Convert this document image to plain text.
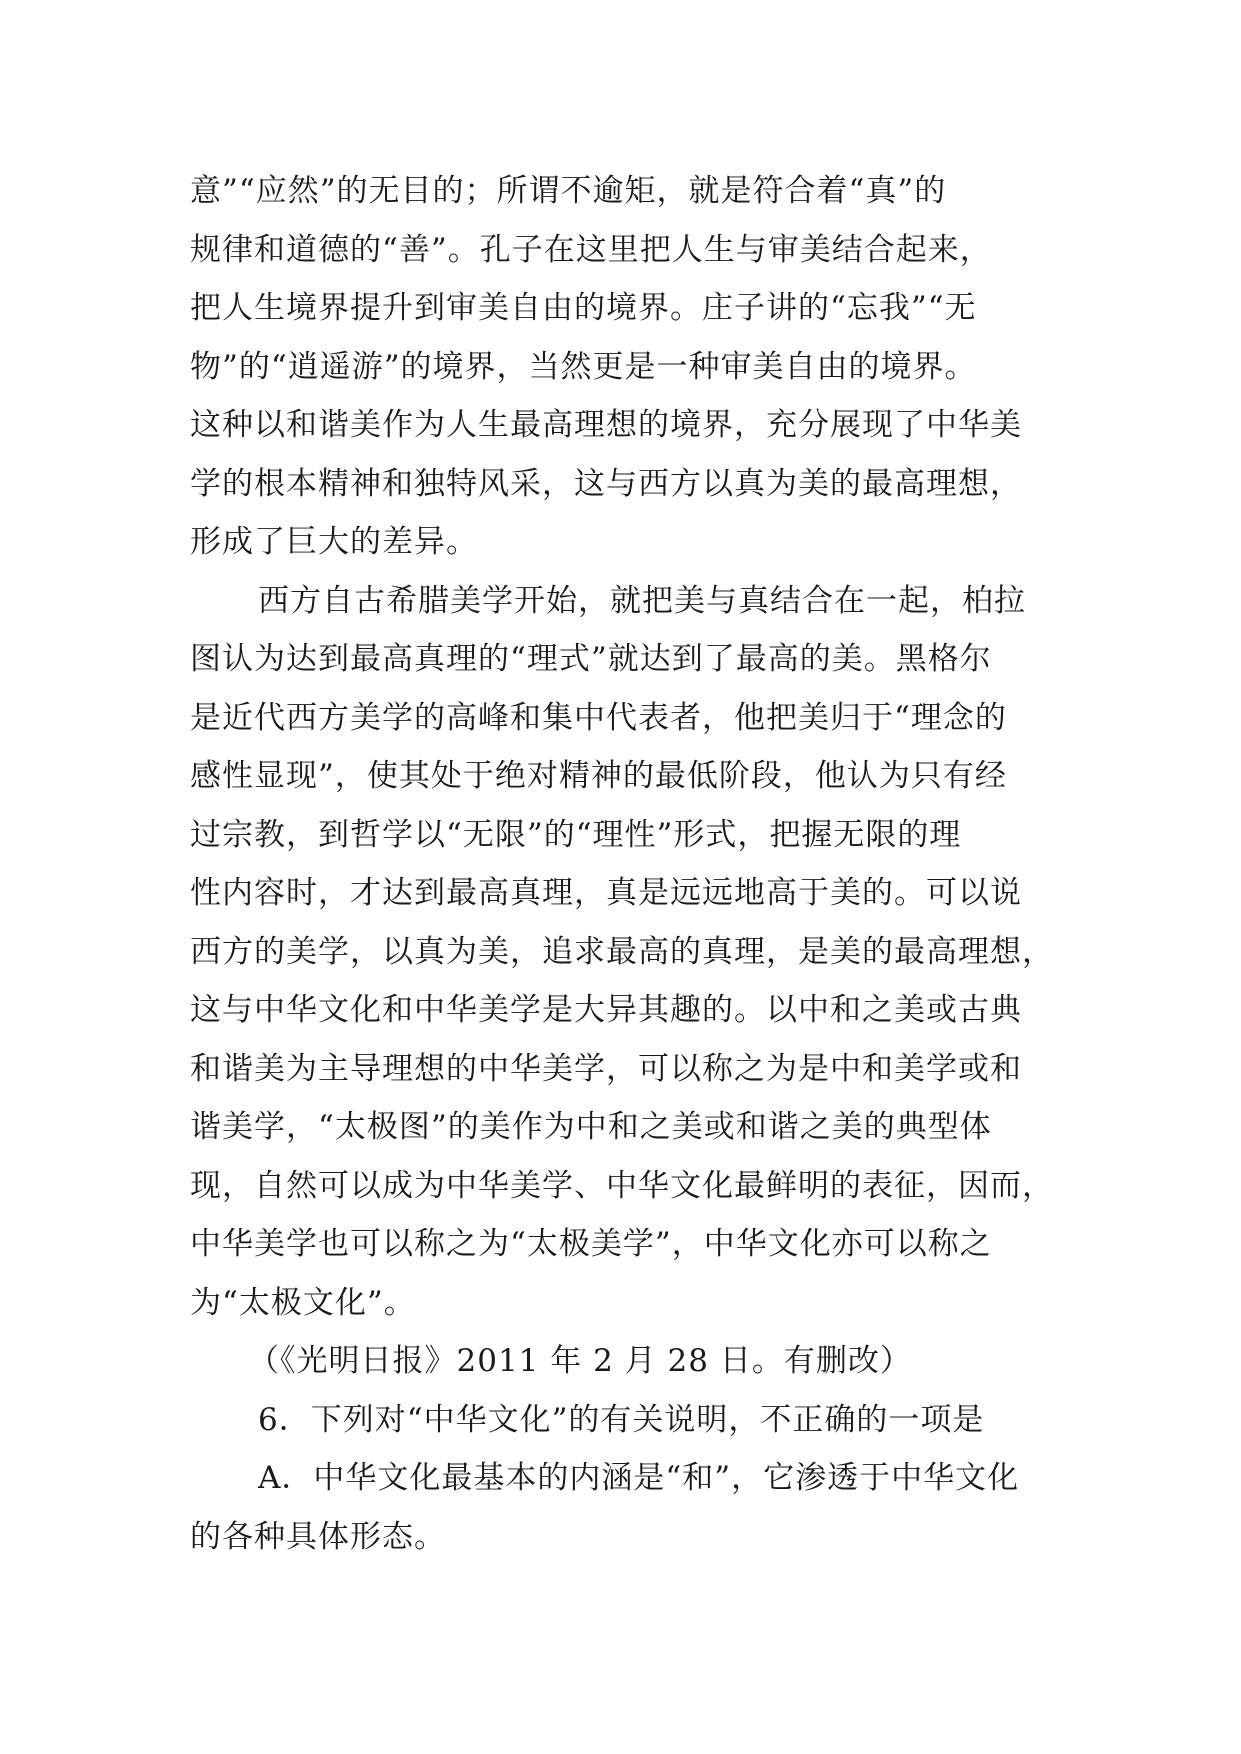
意”“应然”的无目的；所谓不逾矩，就是符合着“真”的
规律和道德的“善”。孔子在这里把人生与审美结合起来，
把人生境界提升到审美自由的境界。庄子讲的“忘我”“无
物”的“逍遥游”的境界，当然更是一种审美自由的境界。
这种以和谐美作为人生最高理想的境界，充分展现了中华美
学的根本精神和独特风采，这与西方以真为美的最高理想，
形成了巨大的差异。
西方自古希腊美学开始，就把美与真结合在一起，柏拉
图认为达到最高真理的“理式”就达到了最高的美。黑格尔
是近代西方美学的高峰和集中代表者，他把美归于“理念的
感性显现”，使其处于绝对精神的最低阶段，他认为只有经
过宗教，到哲学以“无限”的“理性”形式，把握无限的理
性内容时，才达到最高真理，真是远远地高于美的。可以说
西方的美学，以真为美，追求最高的真理，是美的最高理想，
这与中华文化和中华美学是大异其趣的。以中和之美或古典
和谐美为主导理想的中华美学，可以称之为是中和美学或和
谐美学，“太极图”的美作为中和之美或和谐之美的典型体
现，自然可以成为中华美学、中华文化最鲜明的表征，因而，
中华美学也可以称之为“太极美学”，中华文化亦可以称之
为“太极文化”。
（《光明日报》2011 年 2 月 28 日。有删改）
6．下列对“中华文化”的有关说明，不正确的一项是
A．中华文化最基本的内涵是“和”，它渗透于中华文化
的各种具体形态。
